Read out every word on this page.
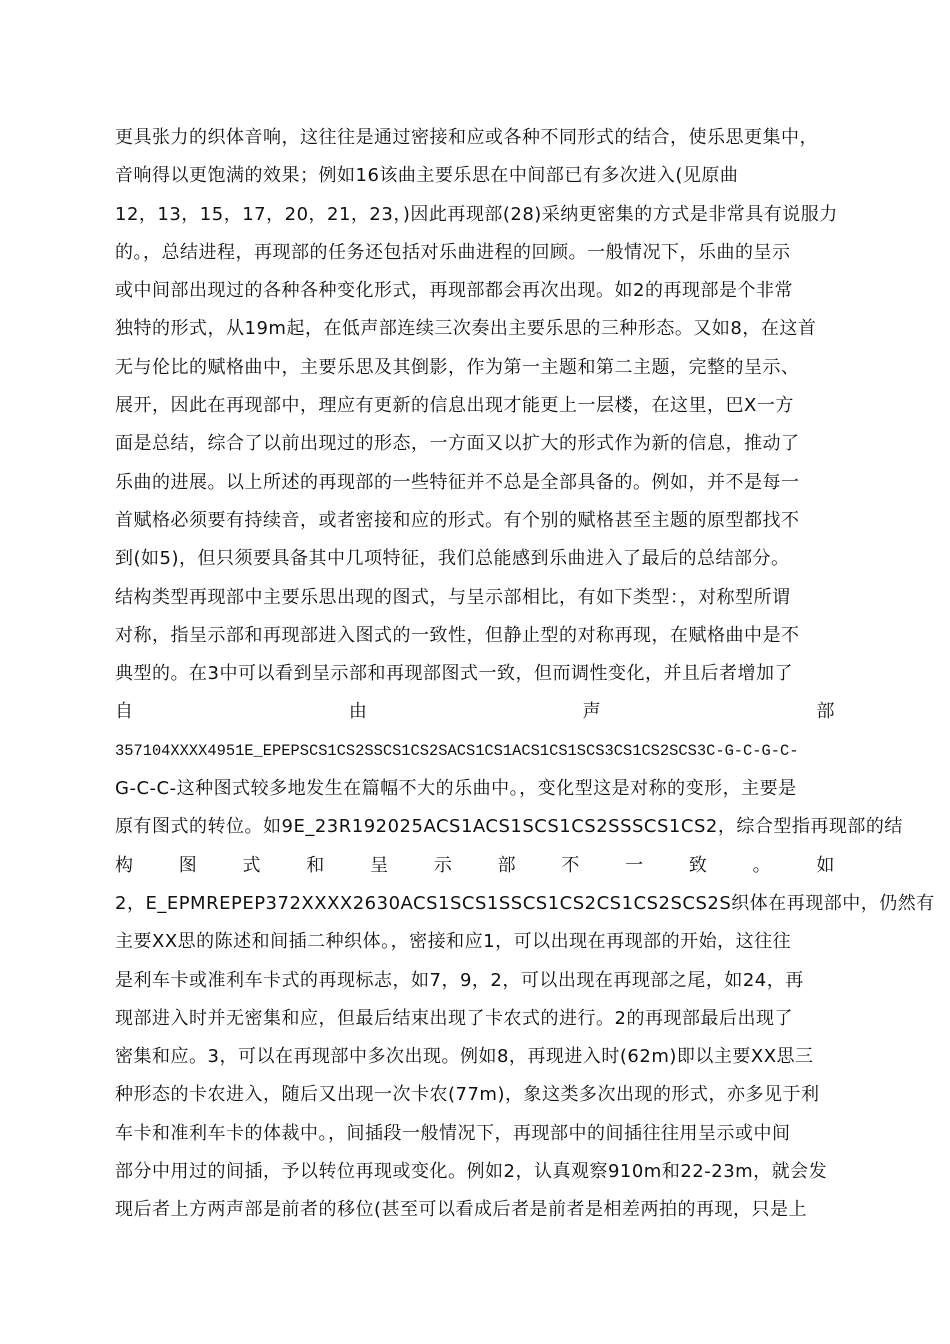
更具张力的织体音响，这往往是通过密接和应或各种不同形式的结合，使乐思更集中，
音响得以更饱满的效果；例如16该曲主要乐思在中间部已有多次进入(见原曲
12，13，15，17，20，21，23，)因此再现部(28)采纳更密集的方式是非常具有说服力
的。，总结进程，再现部的任务还包括对乐曲进程的回顾。一般情况下，乐曲的呈示
或中间部出现过的各种各种变化形式，再现部都会再次出现。如2的再现部是个非常
独特的形式，从19m起，在低声部连续三次奏出主要乐思的三种形态。又如8，在这首
无与伦比的赋格曲中，主要乐思及其倒影，作为第一主题和第二主题，完整的呈示、
展开，因此在再现部中，理应有更新的信息出现才能更上一层楼，在这里，巴X一方
面是总结，综合了以前出现过的形态，一方面又以扩大的形式作为新的信息，推动了
乐曲的进展。以上所述的再现部的一些特征并不总是全部具备的。例如，并不是每一
首赋格必须要有持续音，或者密接和应的形式。有个别的赋格甚至主题的原型都找不
到(如5)，但只须要具备其中几项特征，我们总能感到乐曲进入了最后的总结部分。
结构类型再现部中主要乐思出现的图式，与呈示部相比，有如下类型：，对称型所谓
对称，指呈示部和再现部进入图式的一致性，但静止型的对称再现，在赋格曲中是不
典型的。在3中可以看到呈示部和再现部图式一致，但而调性变化，并且后者增加了
自	由	声	部
357104XXXX4951E_EPEPSCS1CS2SSCS1CS2SACS1CS1ACS1CS1SCS3CS1CS2SCS3C-G-C-G-C-
G-C-C-这种图式较多地发生在篇幅不大的乐曲中。，变化型这是对称的变形，主要是
原有图式的转位。如9E_23R192025ACS1ACS1SCS1CS2SSSCS1CS2，综合型指再现部的结
构	图	式	和	呈	示	部	不	一	致	。	如
2，E_EPMREPEP372XXXX2630ACS1SCS1SSCS1CS2CS1CS2SCS2S织体在再现部中，仍然有
主要XX思的陈述和间插二种织体。，密接和应1，可以出现在再现部的开始，这往往
是利车卡或准利车卡式的再现标志，如7，9，2，可以出现在再现部之尾，如24，再
现部进入时并无密集和应，但最后结束出现了卡农式的进行。2的再现部最后出现了
密集和应。3，可以在再现部中多次出现。例如8，再现进入时(62m)即以主要XX思三
种形态的卡农进入，随后又出现一次卡农(77m)，象这类多次出现的形式，亦多见于利
车卡和准利车卡的体裁中。，间插段一般情况下，再现部中的间插往往用呈示或中间
部分中用过的间插，予以转位再现或变化。例如2，认真观察910m和22-23m，就会发
现后者上方两声部是前者的移位(甚至可以看成后者是前者是相差两拍的再现，只是上
